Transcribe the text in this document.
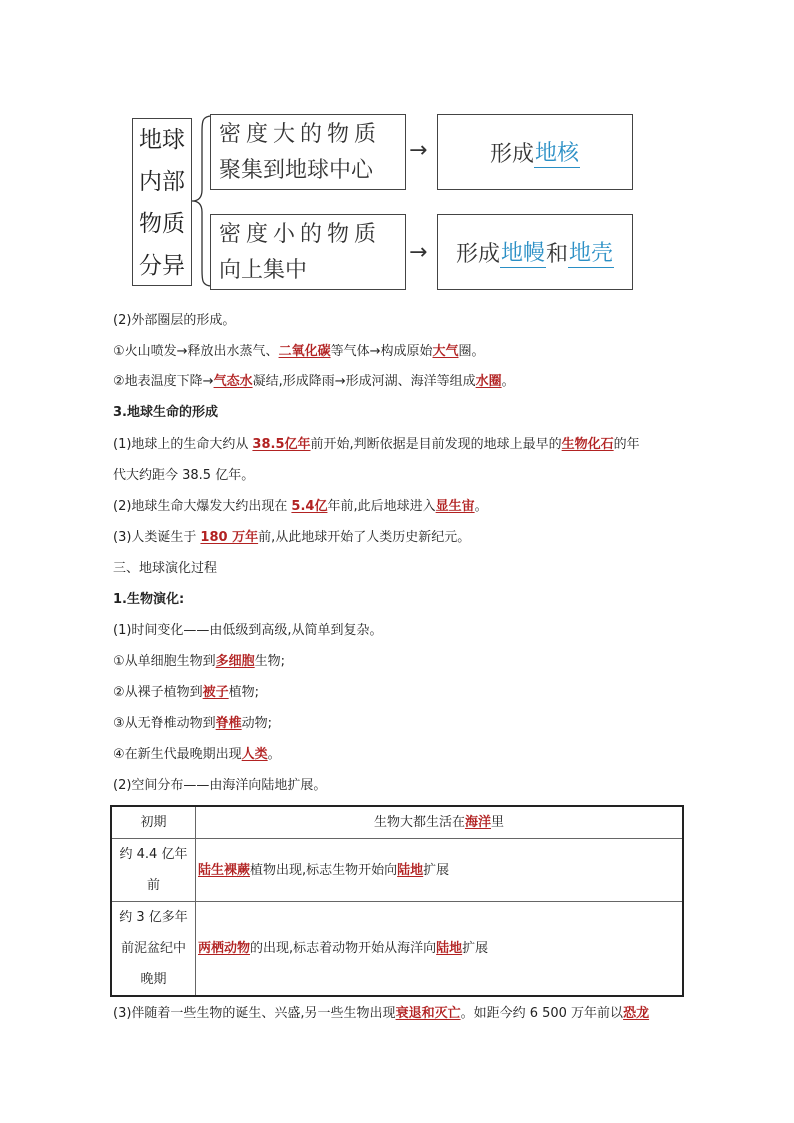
地球
内部
物质
分异
密度大的物质
聚集到地球中心
密度小的物质
向上集中
→
→
形成 地核
形成 地幔 和 地壳
(2)外部圈层的形成。
①火山喷发→释放出水蒸气、二氧化碳等气体→构成原始大气圈。
②地表温度下降→气态水凝结,形成降雨→形成河湖、海洋等组成水圈。
3.地球生命的形成
(1)地球上的生命大约从 38.5亿年前开始,判断依据是目前发现的地球上最早的生物化石的年
代大约距今 38.5 亿年。
(2)地球生命大爆发大约出现在 5.4亿年前,此后地球进入显生宙。
(3)人类诞生于 180 万年前,从此地球开始了人类历史新纪元。
三、地球演化过程
1.生物演化:
(1)时间变化——由低级到高级,从简单到复杂。
①从单细胞生物到多细胞生物;
②从裸子植物到被子植物;
③从无脊椎动物到脊椎动物;
④在新生代最晚期出现人类。
(2)空间分布——由海洋向陆地扩展。
初期	生物大都生活在海洋里

约 4.4 亿年
前	陆生裸蕨植物出现,标志生物开始向陆地扩展

约 3 亿多年
前泥盆纪中
晚期	两栖动物的出现,标志着动物开始从海洋向陆地扩展
(3)伴随着一些生物的诞生、兴盛,另一些生物出现衰退和灭亡。如距今约 6 500 万年前以恐龙
